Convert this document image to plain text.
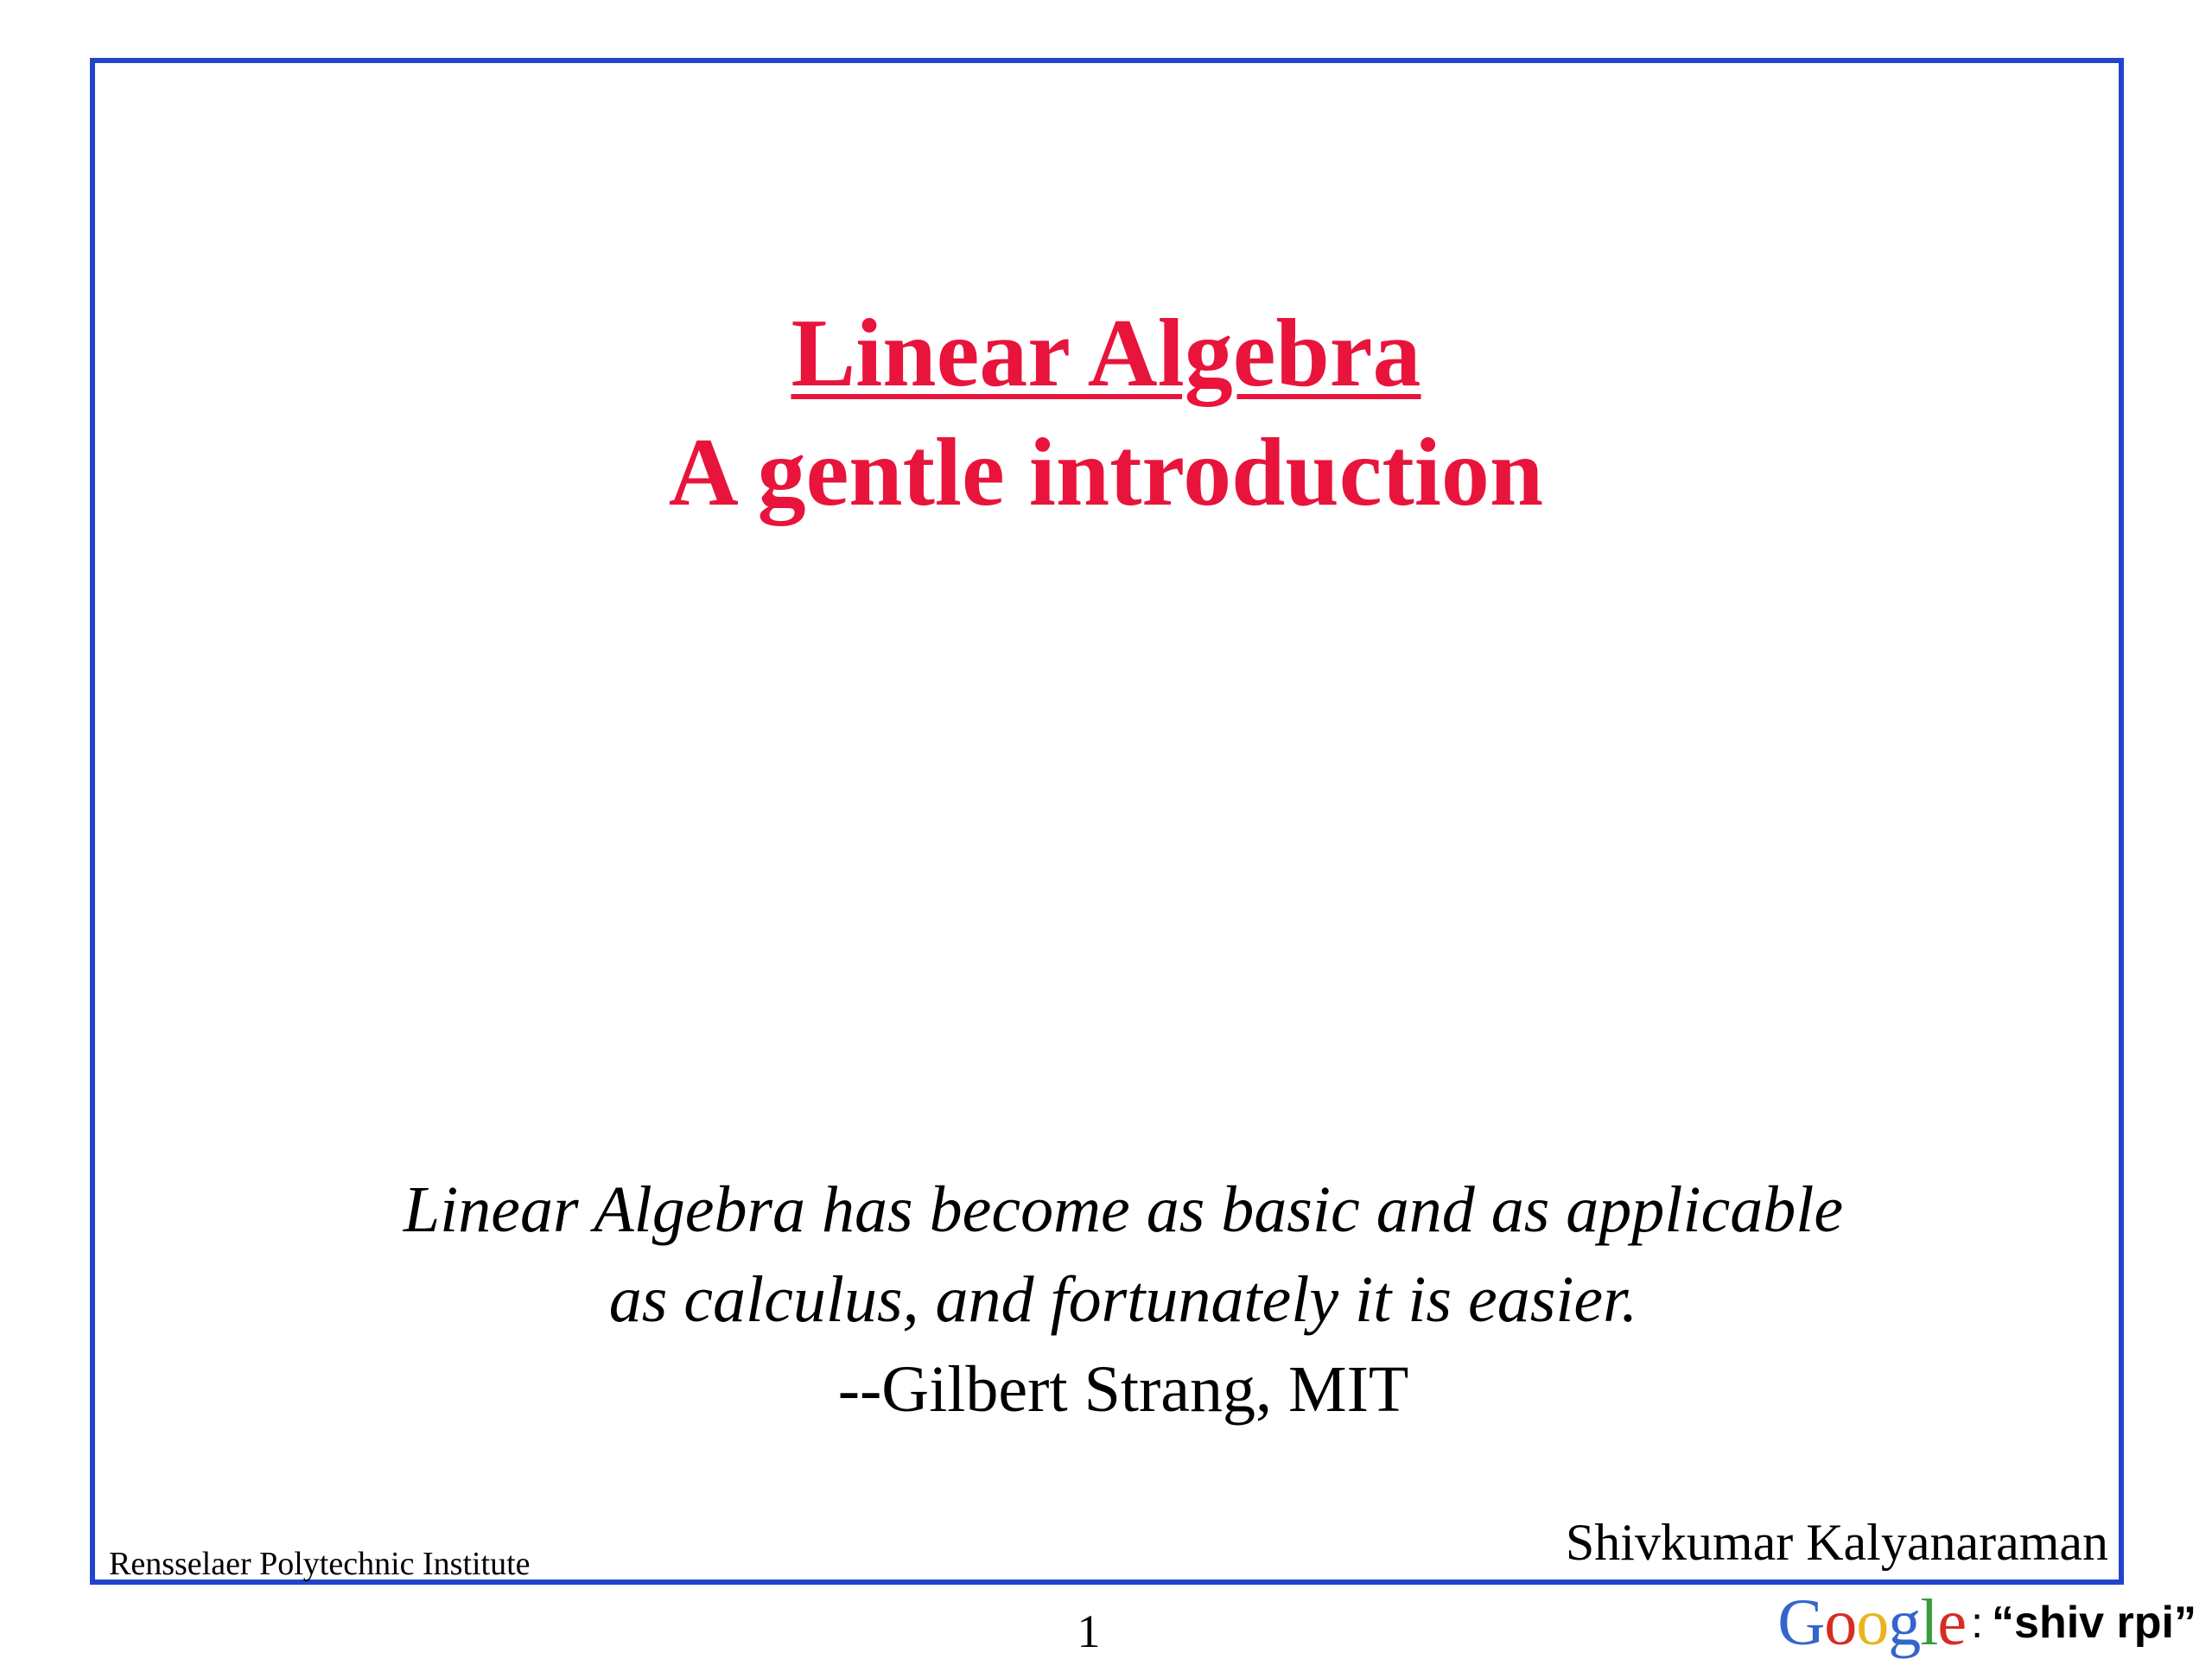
Linear Algebra
A gentle introduction
Linear Algebra has become as basic and as applicable
as calculus, and fortunately it is easier.
--Gilbert Strang, MIT
Rensselaer Polytechnic Institute	Shivkumar Kalyanaraman
1	Google : “shiv rpi”
